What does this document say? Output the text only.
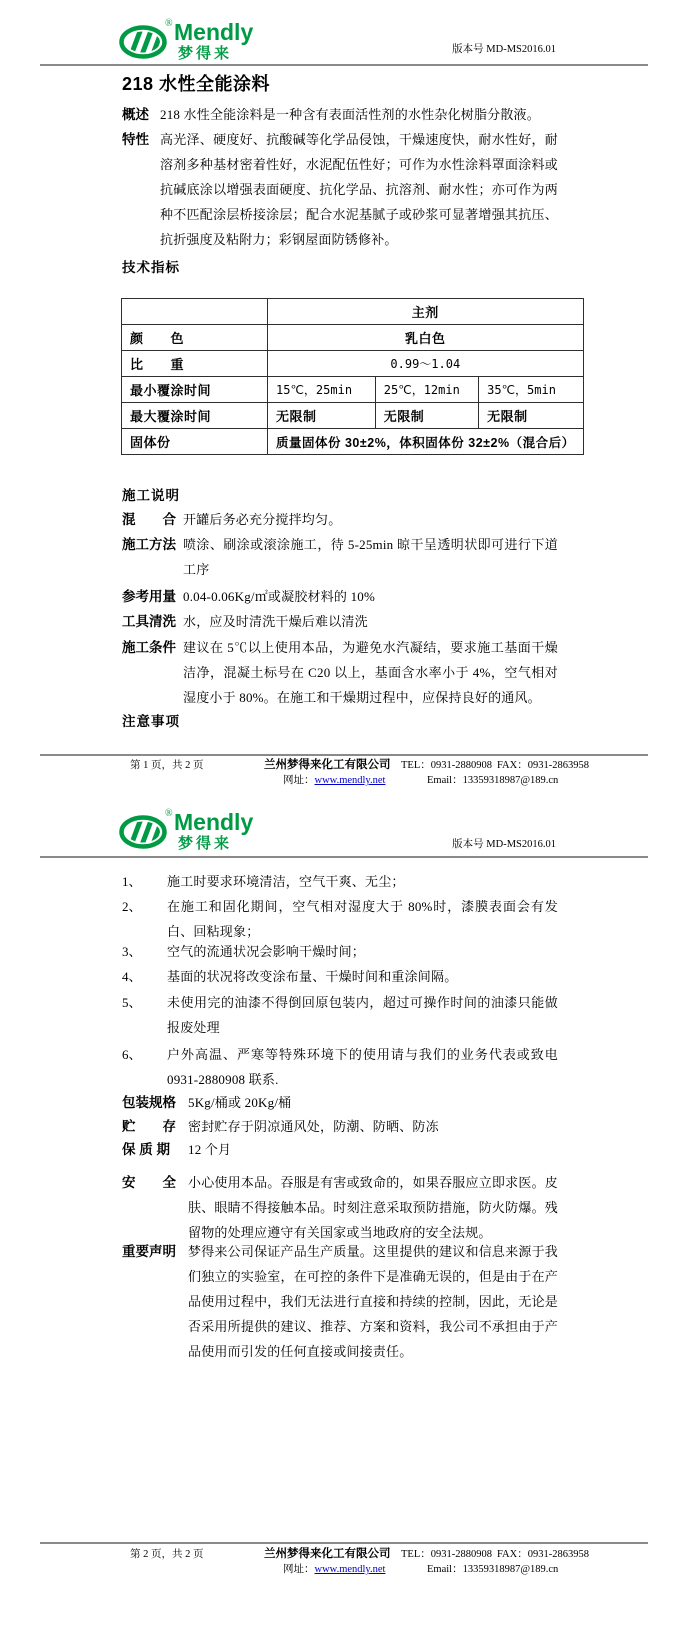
® Mendly
梦得来	版本号 MD-MS2016.01
218 水性全能涂料
概述 218 水性全能涂料是一种含有表面活性剂的水性杂化树脂分散液。
特性 高光泽、硬度好、抗酸碱等化学品侵蚀，干燥速度快，耐水性好，耐溶剂多种基材密着性好，水泥配伍性好；可作为水性涂料罩面涂料或抗碱底涂以增强表面硬度、抗化学品、抗溶剂、耐水性；亦可作为两种不匹配涂层桥接涂层；配合水泥基腻子或砂浆可显著增强其抗压、抗折强度及粘附力；彩钢屋面防锈修补。
技术指标
	主剂		
颜　　色	乳白色		
比　　重	0.99～1.04		
最小覆涂时间	15℃，25min	25℃，12min	35℃，5min
最大覆涂时间	无限制	无限制	无限制
固体份	质量固体份 30±2%，体积固体份 32±2%（混合后）		
施工说明
混　　合 开罐后务必充分搅拌均匀。
施工方法 喷涂、刷涂或滚涂施工，待 5-25min 晾干呈透明状即可进行下道工序
参考用量 0.04-0.06Kg/㎡或凝胶材料的 10%
工具清洗 水，应及时清洗干燥后难以清洗
施工条件 建议在 5℃以上使用本品，为避免水汽凝结，要求施工基面干燥洁净，混凝土标号在 C20 以上，基面含水率小于 4%，空气相对湿度小于 80%。在施工和干燥期过程中，应保持良好的通风。
注意事项
第 1 页，共 2 页	兰州梦得来化工有限公司 TEL：0931-2880908 FAX：0931-2863958
网址：www.mendly.net	Email：13359318987@189.cn
® Mendly
梦得来	版本号 MD-MS2016.01
1、 施工时要求环境清洁，空气干爽、无尘；
2、 在施工和固化期间，空气相对湿度大于 80%时，漆膜表面会有发白、回粘现象；
3、 空气的流通状况会影响干燥时间；
4、 基面的状况将改变涂布量、干燥时间和重涂间隔。
5、 未使用完的油漆不得倒回原包装内，超过可操作时间的油漆只能做报废处理
6、 户外高温、严寒等特殊环境下的使用请与我们的业务代表或致电 0931-2880908 联系.
包装规格 5Kg/桶或 20Kg/桶
贮　　存 密封贮存于阴凉通风处，防潮、防晒、防冻
保 质 期 12 个月
安　　全 小心使用本品。吞服是有害或致命的，如果吞服应立即求医。皮肤、眼睛不得接触本品。时刻注意采取预防措施，防火防爆。残留物的处理应遵守有关国家或当地政府的安全法规。
重要声明 梦得来公司保证产品生产质量。这里提供的建议和信息来源于我们独立的实验室，在可控的条件下是准确无误的，但是由于在产品使用过程中，我们无法进行直接和持续的控制，因此，无论是否采用所提供的建议、推荐、方案和资料，我公司不承担由于产品使用而引发的任何直接或间接责任。
第 2 页，共 2 页	兰州梦得来化工有限公司 TEL：0931-2880908 FAX：0931-2863958
网址：www.mendly.net	Email：13359318987@189.cn
